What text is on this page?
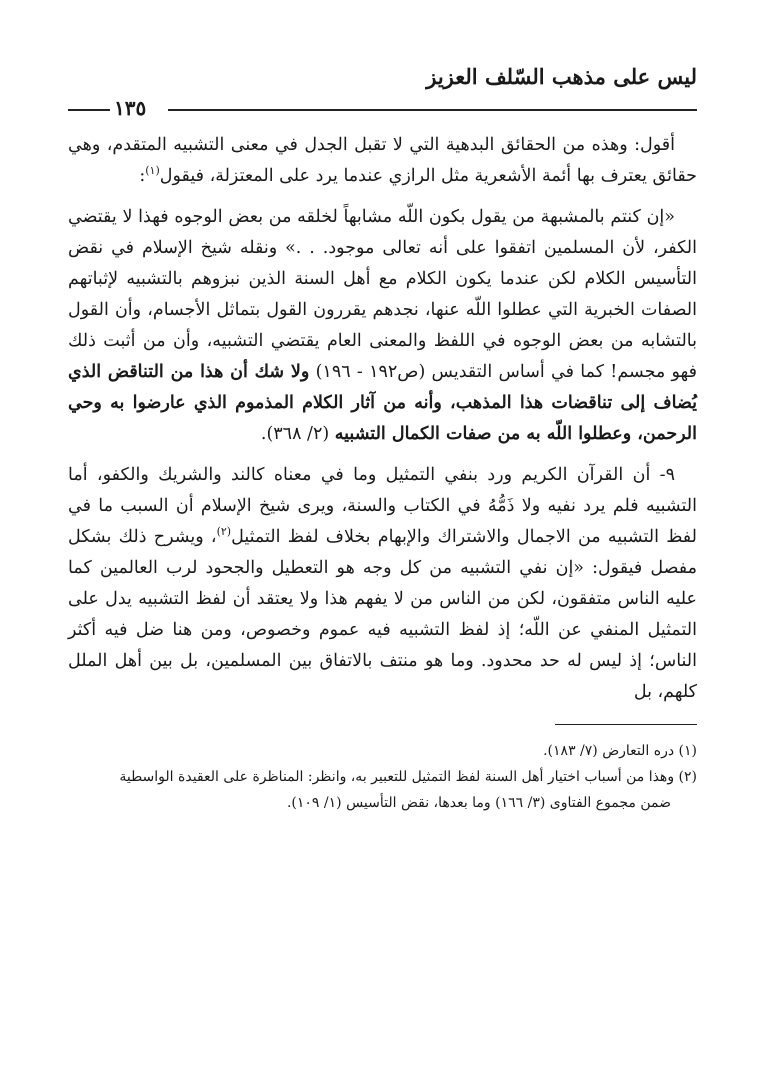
ليس على مذهب السّلف العزيز
١٣٥

أقول: وهذه من الحقائق البدهية التي لا تقبل الجدل في معنى التشبيه المتقدم، وهي حقائق يعترف بها أئمة الأشعرية مثل الرازي عندما يرد على المعتزلة، فيقول$^{(١)}$:

«إن كنتم بالمشبهة من يقول بكون اللّه مشابهاً لخلقه من بعض الوجوه فهذا لا يقتضي الكفر، لأن المسلمين اتفقوا على أنه تعالى موجود. . .» ونقله شيخ الإسلام في نقض التأسيس الكلام لكن عندما يكون الكلام مع أهل السنة الذين نبزوهم بالتشبيه لإثباتهم الصفات الخبرية التي عطلوا اللّه عنها، نجدهم يقررون القول بتماثل الأجسام، وأن القول بالتشابه من بعض الوجوه في اللفظ والمعنى العام يقتضي التشبيه، وأن من أثبت ذلك فهو مجسم! كما في أساس التقديس (ص١٩٢ - ١٩٦) ولا شك أن هذا من التناقض الذي يُضاف إلى تناقضات هذا المذهب، وأنه من آثار الكلام المذموم الذي عارضوا به وحي الرحمن، وعطلوا اللّه به من صفات الكمال التشبيه (٢/ ٣٦٨).

٩- أن القرآن الكريم ورد بنفي التمثيل وما في معناه كالند والشريك والكفو، أما التشبيه فلم يرد نفيه ولا ذَمُّهُ في الكتاب والسنة، ويرى شيخ الإسلام أن السبب ما في لفظ التشبيه من الاجمال والاشتراك والإبهام بخلاف لفظ التمثيل$^{(٢)}$، ويشرح ذلك بشكل مفصل فيقول: «إن نفي التشبيه من كل وجه هو التعطيل والجحود لرب العالمين كما عليه الناس متفقون، لكن من الناس من لا يفهم هذا ولا يعتقد أن لفظ التشبيه يدل على التمثيل المنفي عن اللّه؛ إذ لفظ التشبيه فيه عموم وخصوص، ومن هنا ضل فيه أكثر الناس؛ إذ ليس له حد محدود. وما هو منتف بالاتفاق بين المسلمين، بل بين أهل الملل كلهم، بل

(١) دره التعارض (٧/ ١٨٣).

(٢) وهذا من أسباب اختيار أهل السنة لفظ التمثيل للتعبير به، وانظر: المناظرة على العقيدة الواسطية

ضمن مجموع الفتاوى (٣/ ١٦٦) وما بعدها، نقض التأسيس (١/ ١٠٩).
